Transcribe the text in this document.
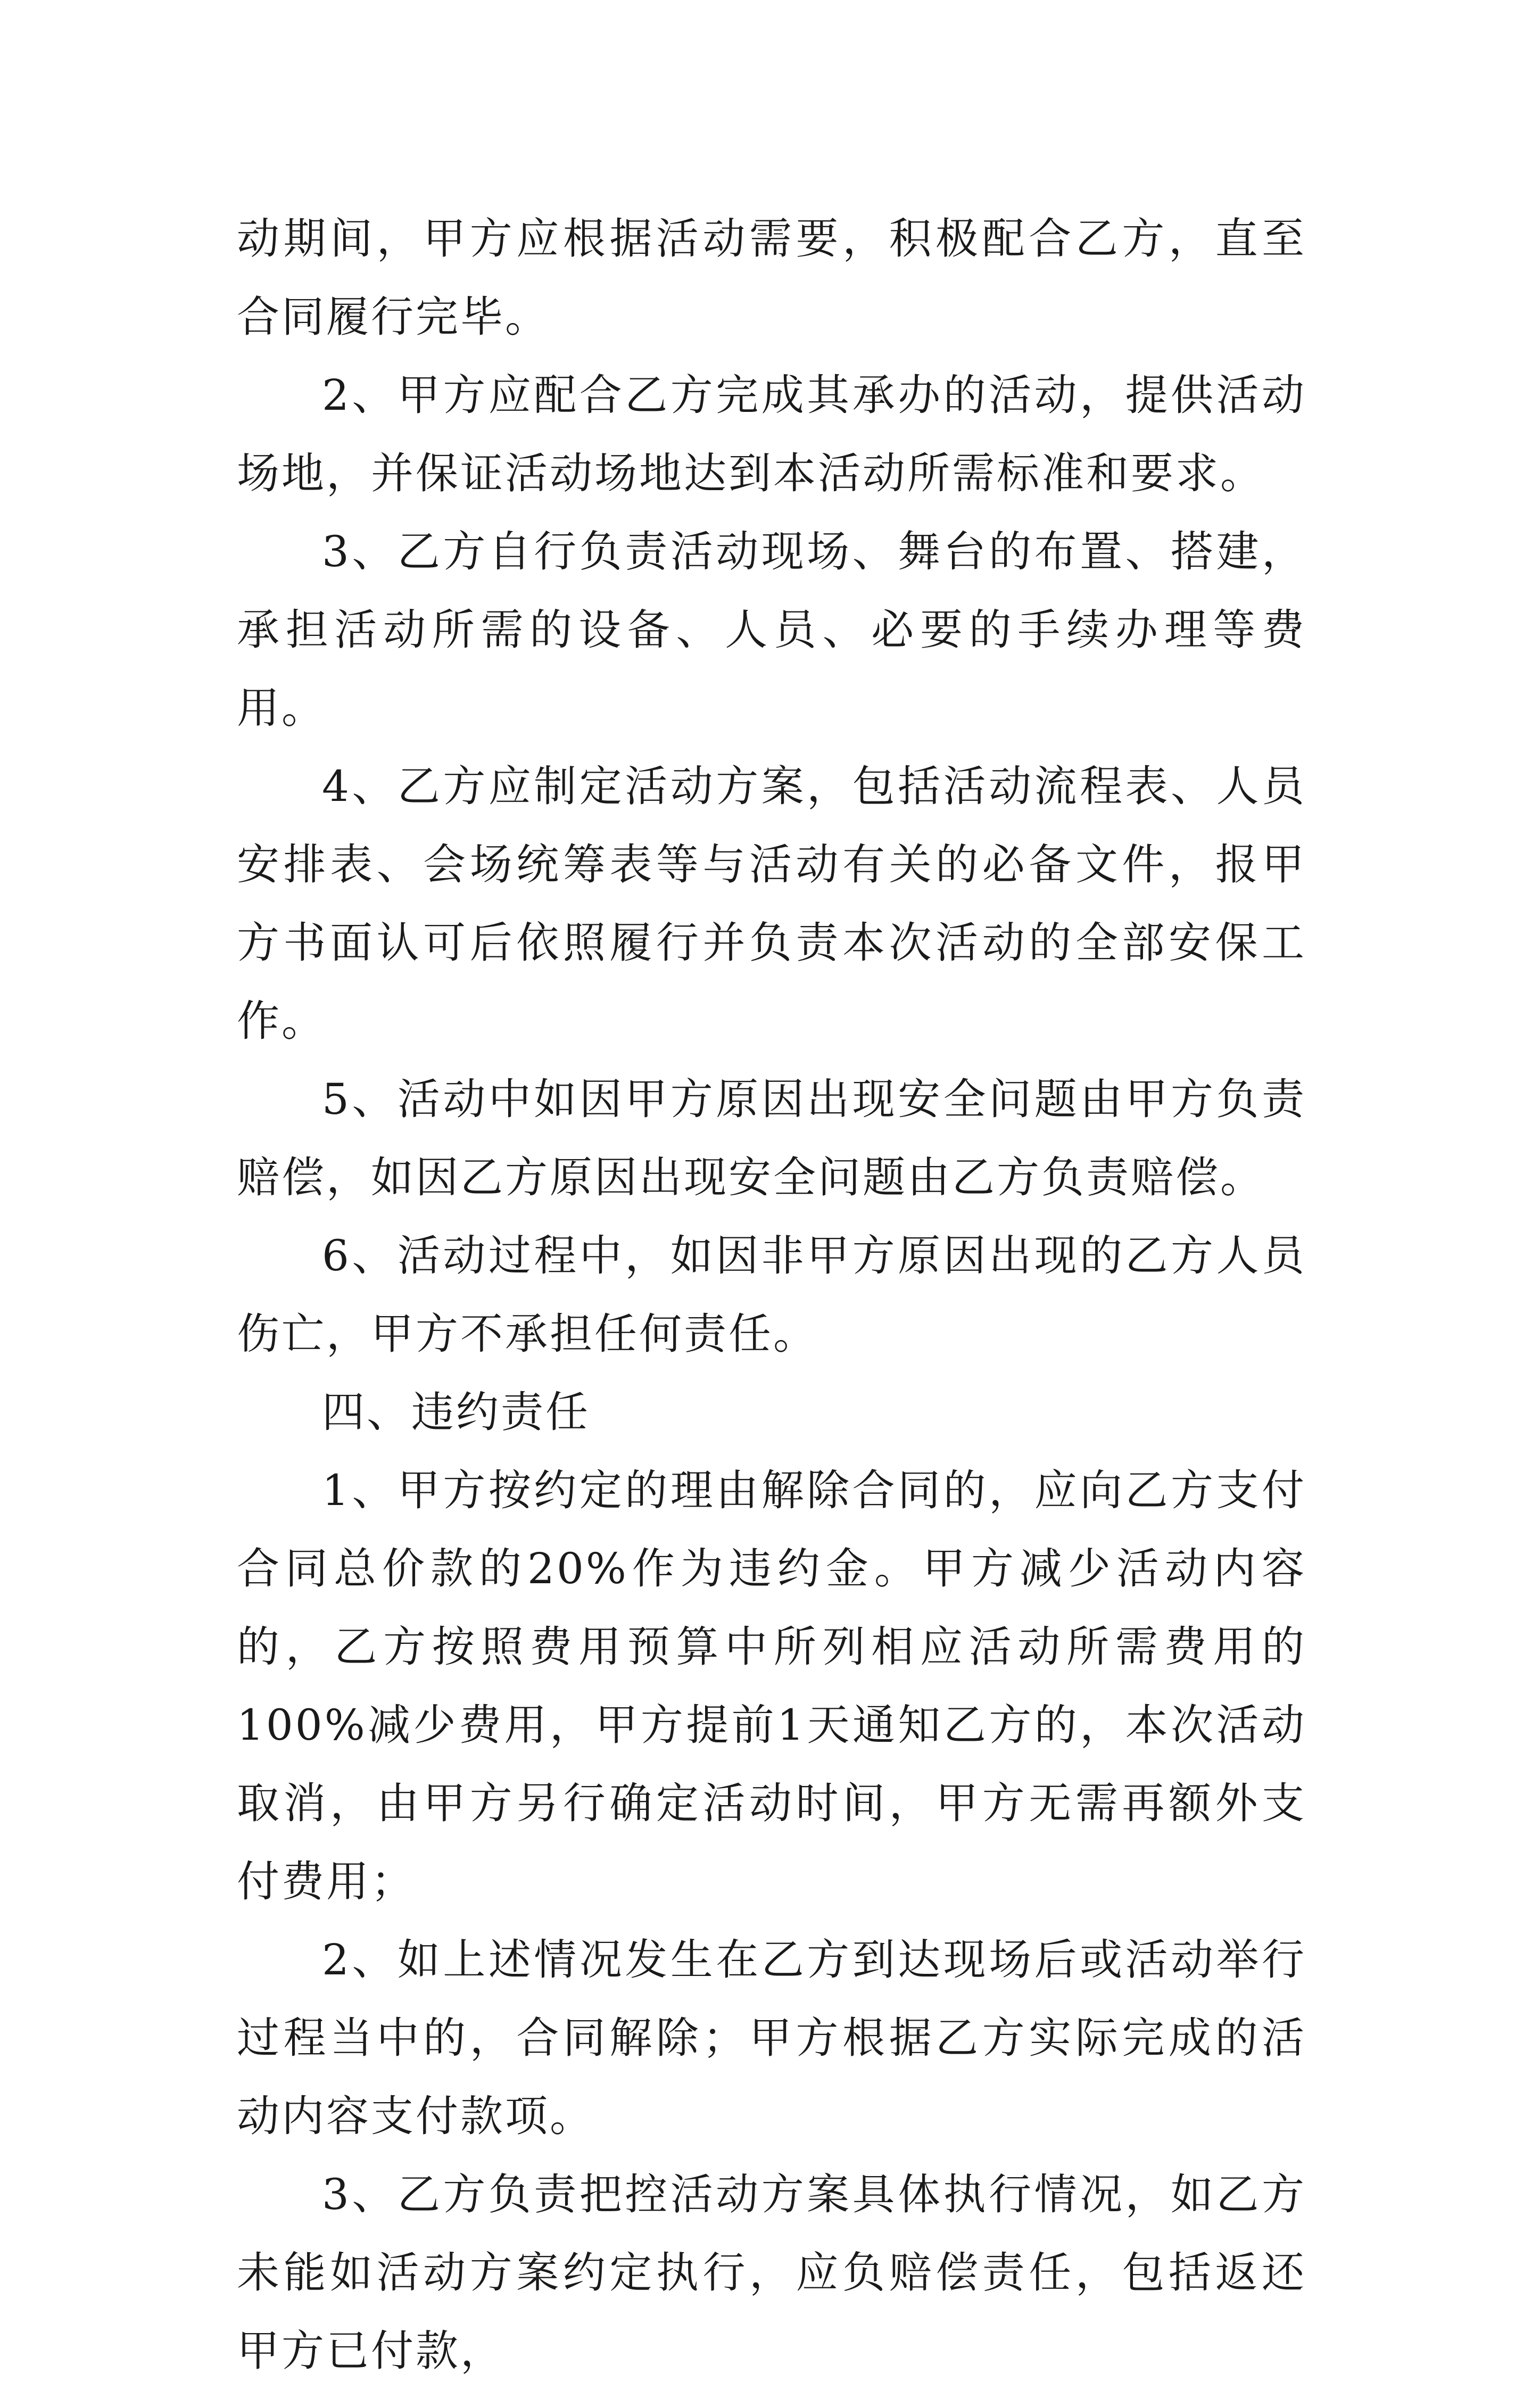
动期间，甲方应根据活动需要，积极配合乙方，直至合同履行完毕。

2、甲方应配合乙方完成其承办的活动，提供活动场地，并保证活动场地达到本活动所需标准和要求。

3、乙方自行负责活动现场、舞台的布置、搭建，承担活动所需的设备、人员、必要的手续办理等费用。

4、乙方应制定活动方案，包括活动流程表、人员安排表、会场统筹表等与活动有关的必备文件，报甲方书面认可后依照履行并负责本次活动的全部安保工作。

5、活动中如因甲方原因出现安全问题由甲方负责赔偿，如因乙方原因出现安全问题由乙方负责赔偿。

6、活动过程中，如因非甲方原因出现的乙方人员伤亡，甲方不承担任何责任。

四、违约责任

1、甲方按约定的理由解除合同的，应向乙方支付合同总价款的20%作为违约金。甲方减少活动内容的，乙方按照费用预算中所列相应活动所需费用的100%减少费用，甲方提前1天通知乙方的，本次活动取消，由甲方另行确定活动时间，甲方无需再额外支付费用；

2、如上述情况发生在乙方到达现场后或活动举行过程当中的，合同解除；甲方根据乙方实际完成的活动内容支付款项。

3、乙方负责把控活动方案具体执行情况，如乙方未能如活动方案约定执行，应负赔偿责任，包括返还甲方已付款，
